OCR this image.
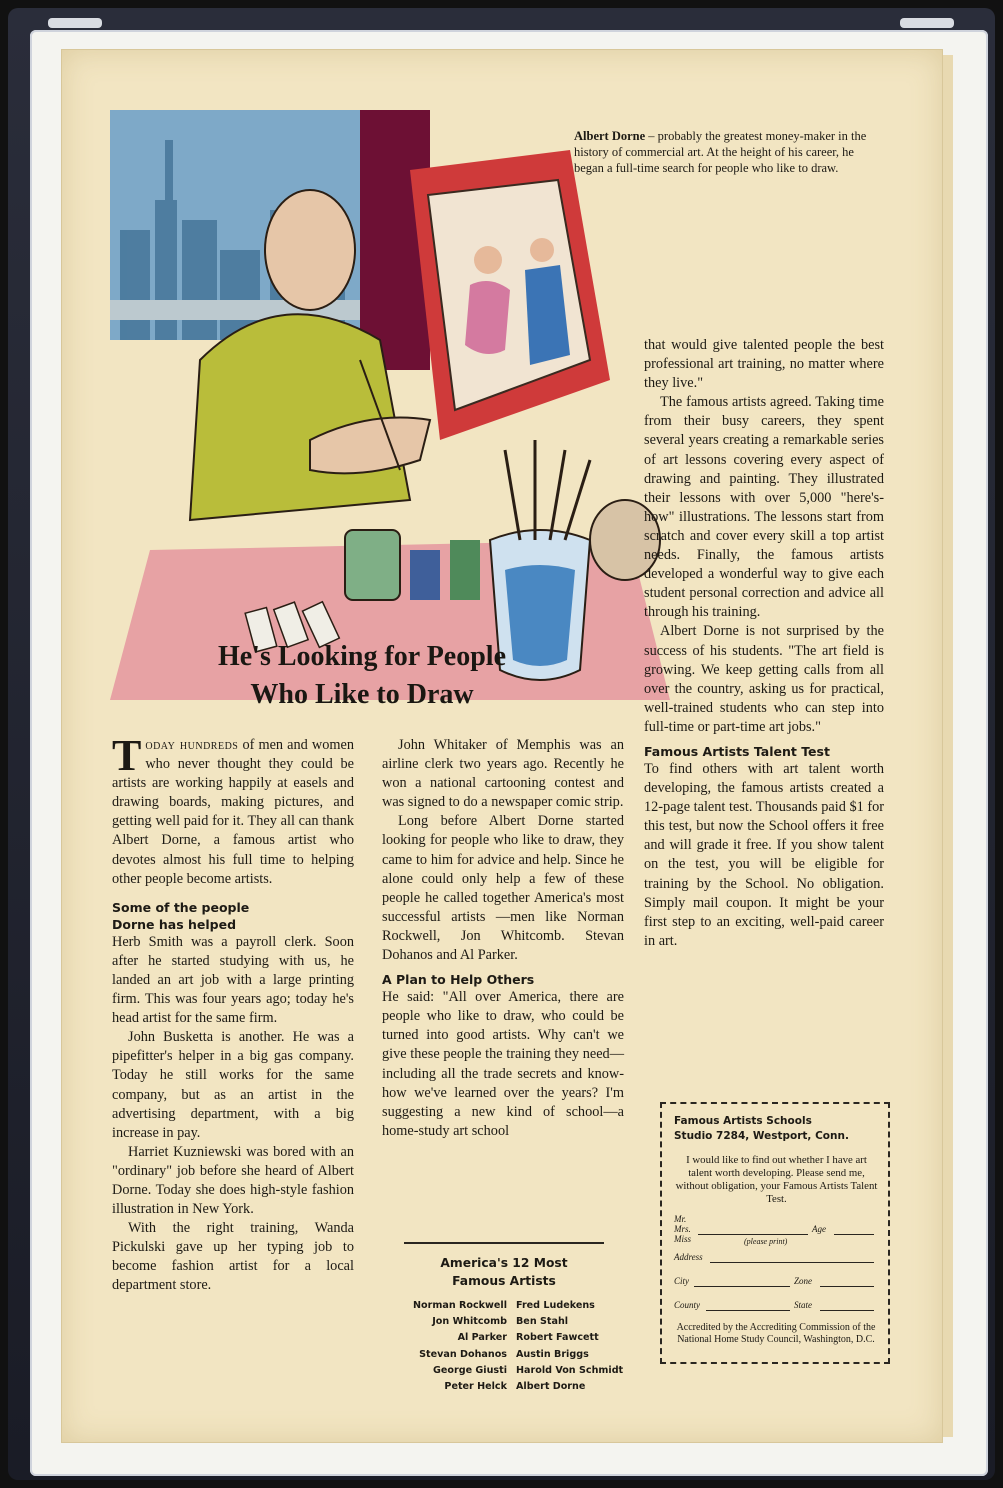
Albert Dorne – probably the greatest money-maker in the history of commercial art. At the height of his career, he began a full-time search for people who like to draw.
He's Looking for People
Who Like to Draw

Today hundreds of men and women who never thought they could be artists are working happily at easels and drawing boards, making pictures, and getting well paid for it. They all can thank Albert Dorne, a famous artist who devotes almost his full time to helping other people become artists.

Some of the people
Dorne has helped

Herb Smith was a payroll clerk. Soon after he started studying with us, he landed an art job with a large printing firm. This was four years ago; today he's head artist for the same firm.

John Busketta is another. He was a pipefitter's helper in a big gas company. Today he still works for the same company, but as an artist in the advertising department, with a big increase in pay.

Harriet Kuzniewski was bored with an "ordinary" job before she heard of Albert Dorne. Today she does high-style fashion illustration in New York.

With the right training, Wanda Pickulski gave up her typing job to become fashion artist for a local department store.

John Whitaker of Memphis was an airline clerk two years ago. Recently he won a national cartooning contest and was signed to do a newspaper comic strip.

Long before Albert Dorne started looking for people who like to draw, they came to him for advice and help. Since he alone could only help a few of these people he called together America's most successful artists —men like Norman Rockwell, Jon Whitcomb. Stevan Dohanos and Al Parker.

A Plan to Help Others

He said: "All over America, there are people who like to draw, who could be turned into good artists. Why can't we give these people the training they need—including all the trade secrets and know-how we've learned over the years? I'm suggesting a new kind of school—a home-study art school

that would give talented people the best professional art training, no matter where they live."

The famous artists agreed. Taking time from their busy careers, they spent several years creating a remarkable series of art lessons covering every aspect of drawing and painting. They illustrated their lessons with over 5,000 "here's-how" illustrations. The lessons start from scratch and cover every skill a top artist needs. Finally, the famous artists developed a wonderful way to give each student personal correction and advice all through his training.

Albert Dorne is not surprised by the success of his students. "The art field is growing. We keep getting calls from all over the country, asking us for practical, well-trained students who can step into full-time or part-time art jobs."

Famous Artists Talent Test

To find others with art talent worth developing, the famous artists created a 12-page talent test. Thousands paid $1 for this test, but now the School offers it free and will grade it free. If you show talent on the test, you will be eligible for training by the School. No obligation. Simply mail coupon. It might be your first step to an exciting, well-paid career in art.

America's 12 Most
Famous Artists
Norman Rockwell	Fred Ludekens
Jon Whitcomb	Ben Stahl
Al Parker	Robert Fawcett
Stevan Dohanos	Austin Briggs
George Giusti	Harold Von Schmidt
Peter Helck	Albert Dorne
Famous Artists Schools
Studio 7284, Westport, Conn.
I would like to find out whether I have art talent worth developing. Please send me, without obligation, your Famous Artists Talent Test.
Mr.
Mrs.
Miss
Age
(please print)
Address
City	Zone
County	State
Accredited by the Accrediting Commission of the National Home Study Council, Washington, D.C.
